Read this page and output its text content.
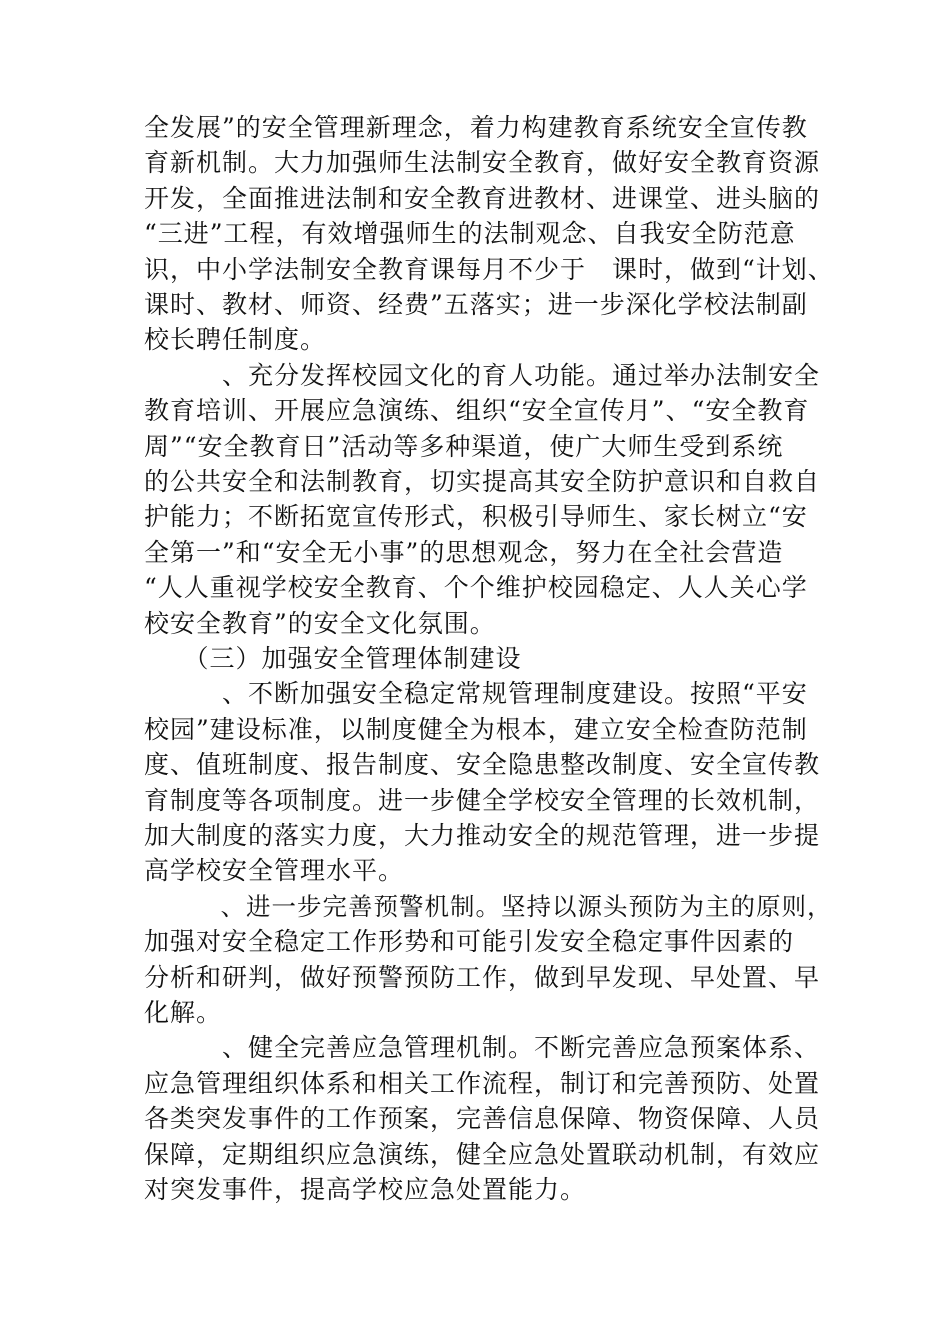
全发展”的安全管理新理念，着力构建教育系统安全宣传教
育新机制。大力加强师生法制安全教育，做好安全教育资源
开发，全面推进法制和安全教育进教材、进课堂、进头脑的
“三进”工程，有效增强师生的法制观念、自我安全防范意
识，中小学法制安全教育课每月不少于　课时，做到“计划、
课时、教材、师资、经费”五落实；进一步深化学校法制副
校长聘任制度。
　　　、充分发挥校园文化的育人功能。通过举办法制安全
教育培训、开展应急演练、组织“安全宣传月”、“安全教育
周”“安全教育日”活动等多种渠道，使广大师生受到系统
的公共安全和法制教育，切实提高其安全防护意识和自救自
护能力；不断拓宽宣传形式，积极引导师生、家长树立“安
全第一”和“安全无小事”的思想观念，努力在全社会营造
“人人重视学校安全教育、个个维护校园稳定、人人关心学
校安全教育”的安全文化氛围。
　　（三）加强安全管理体制建设
　　　、不断加强安全稳定常规管理制度建设。按照“平安
校园”建设标准，以制度健全为根本，建立安全检查防范制
度、值班制度、报告制度、安全隐患整改制度、安全宣传教
育制度等各项制度。进一步健全学校安全管理的长效机制，
加大制度的落实力度，大力推动安全的规范管理，进一步提
高学校安全管理水平。
　　　、进一步完善预警机制。坚持以源头预防为主的原则，
加强对安全稳定工作形势和可能引发安全稳定事件因素的
分析和研判，做好预警预防工作，做到早发现、早处置、早
化解。
　　　、健全完善应急管理机制。不断完善应急预案体系、
应急管理组织体系和相关工作流程，制订和完善预防、处置
各类突发事件的工作预案，完善信息保障、物资保障、人员
保障，定期组织应急演练，健全应急处置联动机制，有效应
对突发事件，提高学校应急处置能力。
